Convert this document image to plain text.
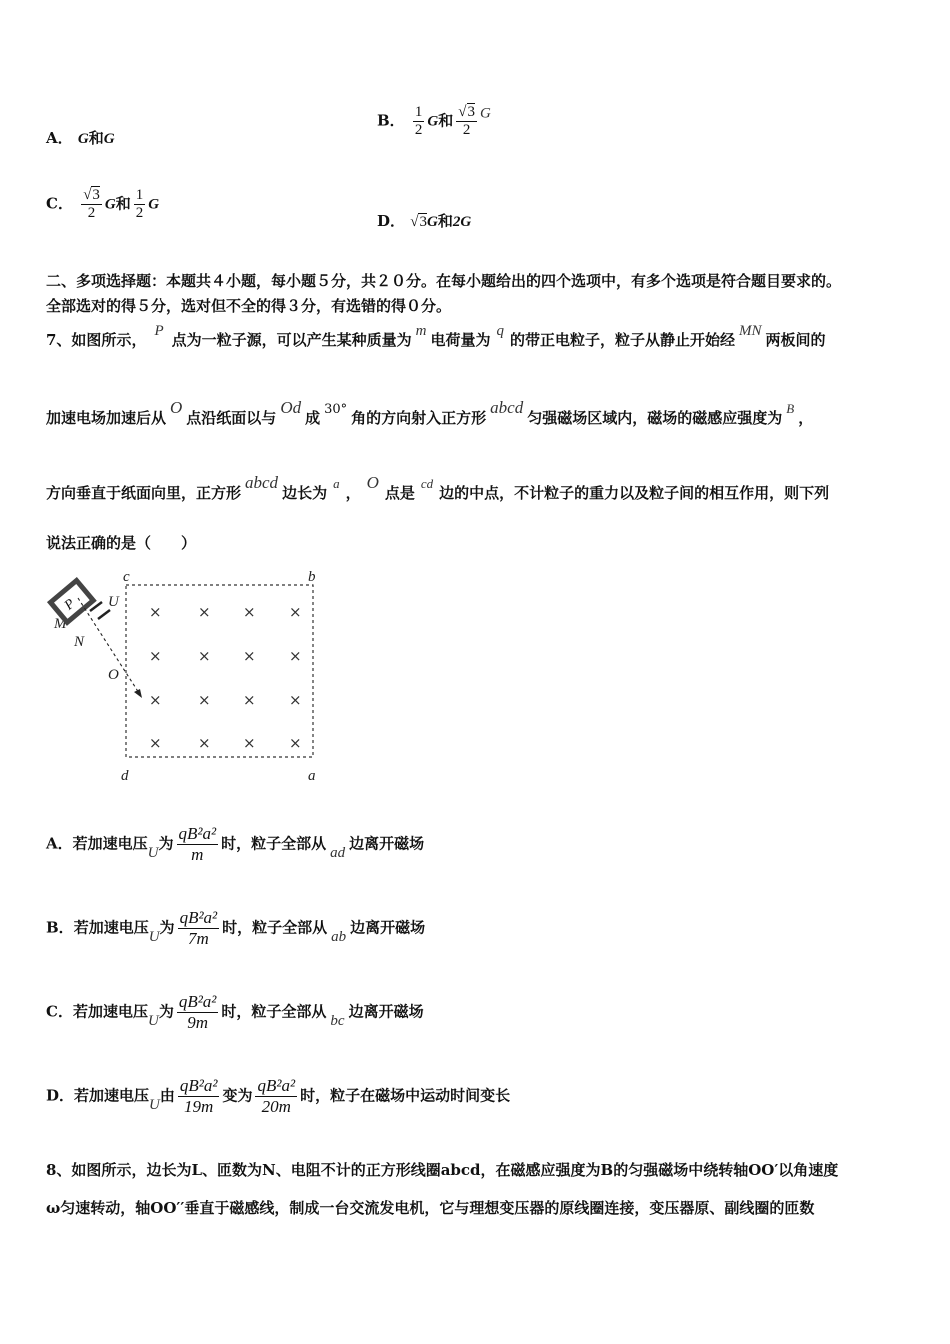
A． G和G
B． $\frac{1}{2}$ G和 $\frac{√3}{2}$ G
C． $\frac{√3}{2}$ G和 $\frac{1}{2}$ G
D． √3G和2G
二、多项选择题：本题共４小题，每小题５分，共２０分。在每小题给出的四个选项中，有多个选项是符合题目要求的。
全部选对的得５分，选对但不全的得３分，有选错的得０分。
7、如图所示， P 点为一粒子源，可以产生某种质量为 m 电荷量为 q 的带正电粒子，粒子从静止开始经 MN 两板间的
加速电场加速后从O点沿纸面以与Od成 30° 角的方向射入正方形abcd匀强磁场区域内，磁场的磁感应强度为B，
方向垂直于纸面向里，正方形abcd边长为a，O点是cd边的中点，不计粒子的重力以及粒子间的相互作用，则下列
说法正确的是（　　）
c	b
d	a
O
U
M
N
P	× × × ×
× × × ×
× × × ×
× × × ×
A．若加速电压U为 $\frac{\text{qB²a²}}{m}$ 时，粒子全部从 ad 边离开磁场
B．若加速电压U为 $\frac{\text{qB²a²}}{7m}$ 时，粒子全部从 ab 边离开磁场
C．若加速电压U为 $\frac{\text{qB²a²}}{9m}$ 时，粒子全部从 bc 边离开磁场
D．若加速电压U由 $\frac{\text{qB²a²}}{19m}$ 变为 $\frac{\text{qB²a²}}{20m}$ 时，粒子在磁场中运动时间变长
8、如图所示，边长为L、匝数为N、电阻不计的正方形线圈abcd，在磁感应强度为B的匀强磁场中绕转轴OO′以角速度
ω匀速转动，轴OO′′垂直于磁感线，制成一台交流发电机，它与理想变压器的原线圈连接，变压器原、副线圈的匝数
